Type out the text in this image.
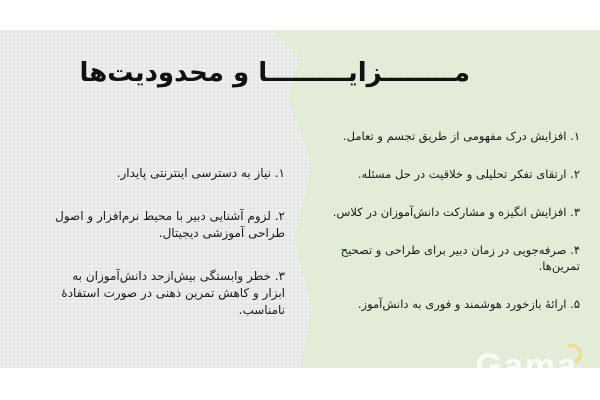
مــــــــزایـــــــــا و محدودیت‌ها

۱. افزایش درک مفهومی از طریق تجسم و تعامل.

۲. ارتقای تفکر تحلیلی و خلاقیت در حل مسئله.

۳. افزایش انگیزه و مشارکت دانش‌آموزان در کلاس.

۴. صرفه‌جویی در زمان دبیر برای طراحی و تصحیح تمرین‌ها.

۵. ارائهٔ بازخورد هوشمند و فوری به دانش‌آموز.

۱. نیاز به دسترسی اینترنتی پایدار.

۲. لزوم آشنایی دبیر با محیط نرم‌افزار و اصول طراحی آموزشی دیجیتال.

۳. خطر وابستگی بیش‌ازحد دانش‌آموزان به ابزار و کاهش تمرین ذهنی در صورت استفادهٔ نامناسب.

Gama
